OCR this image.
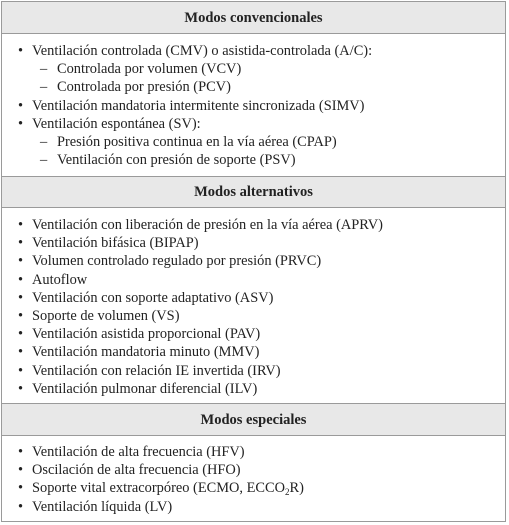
Modos convencionales
• Ventilación controlada (CMV) o asistida-controlada (A/C):
– Controlada por volumen (VCV)
– Controlada por presión (PCV)
• Ventilación mandatoria intermitente sincronizada (SIMV)
• Ventilación espontánea (SV):
– Presión positiva continua en la vía aérea (CPAP)
– Ventilación con presión de soporte (PSV)
Modos alternativos
• Ventilación con liberación de presión en la vía aérea (APRV)
• Ventilación bifásica (BIPAP)
• Volumen controlado regulado por presión (PRVC)
• Autoflow
• Ventilación con soporte adaptativo (ASV)
• Soporte de volumen (VS)
• Ventilación asistida proporcional (PAV)
• Ventilación mandatoria minuto (MMV)
• Ventilación con relación IE invertida (IRV)
• Ventilación pulmonar diferencial (ILV)
Modos especiales
• Ventilación de alta frecuencia (HFV)
• Oscilación de alta frecuencia (HFO)
• Soporte vital extracorpóreo (ECMO, $ECCO_2R$)
• Ventilación líquida (LV)
